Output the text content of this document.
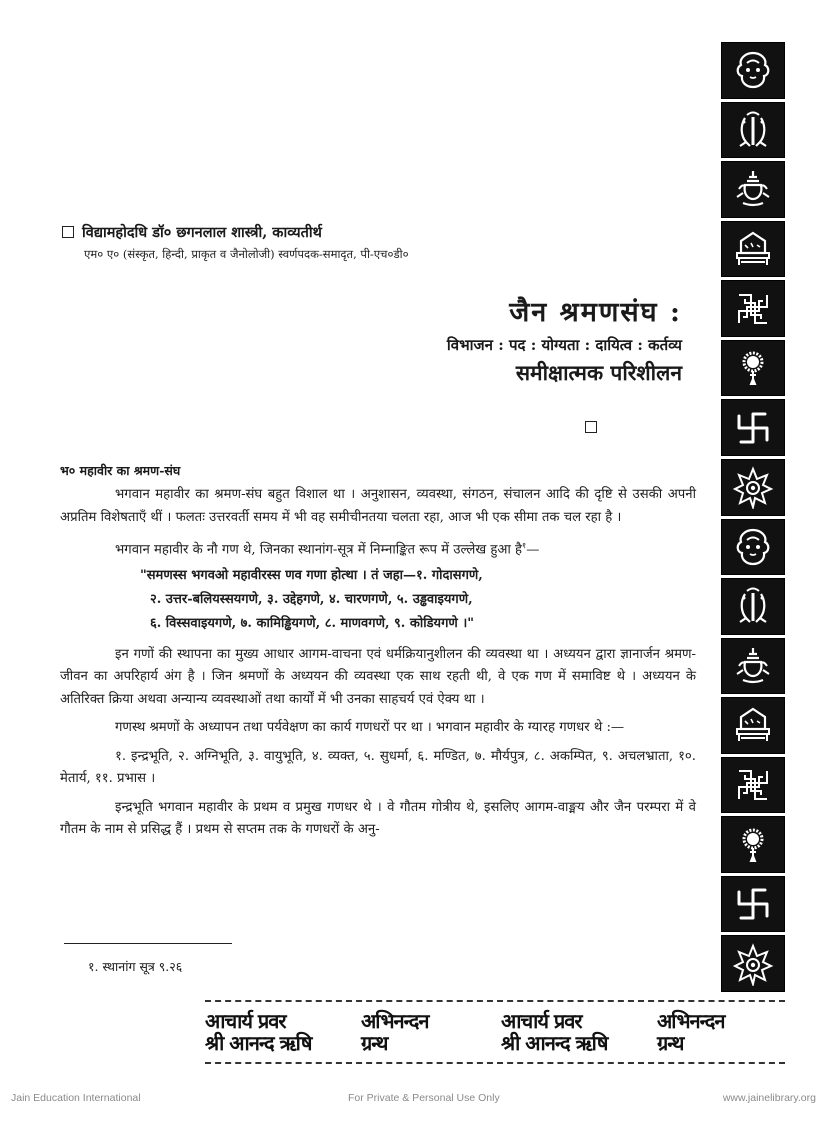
विद्यामहोदधि डॉ० छगनलाल शास्त्री, काव्यतीर्थ
एम० ए० (संस्कृत, हिन्दी, प्राकृत व जैनोलोजी) स्वर्णपदक-समादृत, पी-एच०डी०
जैन श्रमणसंघ :
विभाजन : पद : योग्यता : दायित्व : कर्तव्य
समीक्षात्मक परिशीलन
भ० महावीर का श्रमण-संघ

भगवान महावीर का श्रमण-संघ बहुत विशाल था । अनुशासन, व्यवस्था, संगठन, संचालन आदि की दृष्टि से उसकी अपनी अप्रतिम विशेषताएँ थीं । फलतः उत्तरवर्ती समय में भी वह समीचीनतया चलता रहा, आज भी एक सीमा तक चल रहा है ।

भगवान महावीर के नौ गण थे, जिनका स्थानांग-सूत्र में निम्नाङ्कित रूप में उल्लेख हुआ है$^१$—

"समणस्स भगवओ महावीरस्स णव गणा होत्था । तं जहा—१. गोदासगणे,
२. उत्तर-बलियस्सयगणे, ३. उद्देहगणे, ४. चारणगणे, ५. उड्ढवाइयगणे,
६. विस्सवाइयगणे, ७. कामिड्ढियगणे, ८. माणवगणे, ९. कोडियगणे ।"

इन गणों की स्थापना का मुख्य आधार आगम-वाचना एवं धर्मक्रियानुशीलन की व्यवस्था था । अध्ययन द्वारा ज्ञानार्जन श्रमण-जीवन का अपरिहार्य अंग है । जिन श्रमणों के अध्ययन की व्यवस्था एक साथ रहती थी, वे एक गण में समाविष्ट थे । अध्ययन के अतिरिक्त क्रिया अथवा अन्यान्य व्यवस्थाओं तथा कार्यों में भी उनका साहचर्य एवं ऐक्य था ।

गणस्थ श्रमणों के अध्यापन तथा पर्यवेक्षण का कार्य गणधरों पर था । भगवान महावीर के ग्यारह गणधर थे :—

१. इन्द्रभूति, २. अग्निभूति, ३. वायुभूति, ४. व्यक्त, ५. सुधर्मा, ६. मण्डित, ७. मौर्यपुत्र, ८. अकम्पित, ९. अचलभ्राता, १०. मेतार्य, ११. प्रभास ।

इन्द्रभूति भगवान महावीर के प्रथम व प्रमुख गणधर थे । वे गौतम गोत्रीय थे, इसलिए आगम-वाङ्मय और जैन परम्परा में वे गौतम के नाम से प्रसिद्ध हैं । प्रथम से सप्तम तक के गणधरों के अनु-

१. स्थानांग सूत्र ९.२६
आचार्य प्रवर
श्री आनन्द ऋषि
अभिनन्दन
ग्रन्थ
आचार्य प्रवर
श्री आनन्द ऋषि
अभिनन्दन
ग्रन्थ
Jain Education International	For Private & Personal Use Only	www.jainelibrary.org
